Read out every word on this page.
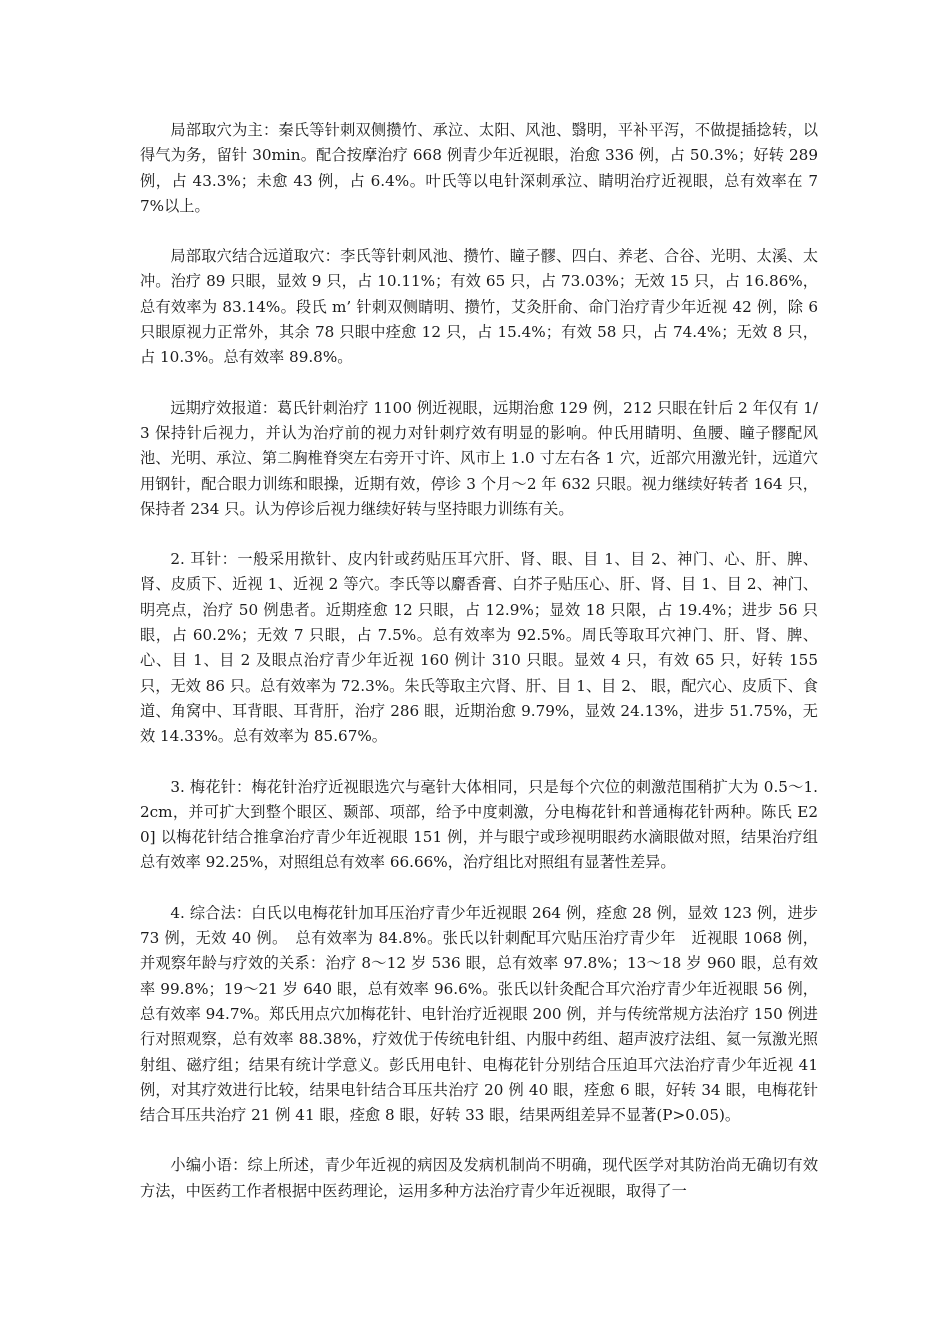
局部取穴为主：秦氏等针刺双侧攒竹、承泣、太阳、风池、翳明，平补平泻，不做提插捻转，以得气为务，留针 30min。配合按摩治疗 668 例青少年近视眼，治愈 336 例，占 50.3%；好转 289 例，占 43.3%；未愈 43 例，占 6.4%。叶氏等以电针深刺承泣、睛明治疗近视眼，总有效率在 77%以上。

局部取穴结合远道取穴：李氏等针刺风池、攒竹、瞳子髎、四白、养老、合谷、光明、太溪、太冲。治疗 89 只眼，显效 9 只，占 10.11%；有效 65 只，占 73.03%；无效 15 只，占 16.86%，总有效率为 83.14%。段氏 m’ 针刺双侧睛明、攒竹，艾灸肝俞、命门治疗青少年近视 42 例，除 6 只眼原视力正常外，其余 78 只眼中痊愈 12 只，占 15.4%；有效 58 只，占 74.4%；无效 8 只，占 10.3%。总有效率 89.8%。

远期疗效报道：葛氏针刺治疗 1100 例近视眼，远期治愈 129 例，212 只眼在针后 2 年仅有 1/3 保持针后视力，并认为治疗前的视力对针刺疗效有明显的影响。仲氏用睛明、鱼腰、瞳子髎配风池、光明、承泣、第二胸椎脊突左右旁开寸许、风市上 1.0 寸左右各 1 穴，近部穴用激光针，远道穴用钢针，配合眼力训练和眼操，近期有效，停诊 3 个月～2 年 632 只眼。视力继续好转者 164 只，保持者 234 只。认为停诊后视力继续好转与坚持眼力训练有关。

2. 耳针：一般采用揿针、皮内针或药贴压耳穴肝、肾、眼、目 1、目 2、神门、心、肝、脾、肾、皮质下、近视 1、近视 2 等穴。李氏等以麝香膏、白芥子贴压心、肝、肾、目 1、目 2、神门、明亮点，治疗 50 例患者。近期痊愈 12 只眼，占 12.9%；显效 18 只限，占 19.4%；进步 56 只眼，占 60.2%；无效 7 只眼，占 7.5%。总有效率为 92.5%。周氏等取耳穴神门、肝、肾、脾、心、目 1、目 2 及眼点治疗青少年近视 160 例计 310 只眼。显效 4 只，有效 65 只，好转 155 只，无效 86 只。总有效率为 72.3%。朱氏等取主穴肾、肝、目 1、目 2、 眼，配穴心、皮质下、食道、角窝中、耳背眼、耳背肝，治疗 286 眼，近期治愈 9.79%，显效 24.13%，进步 51.75%，无　效 14.33%。总有效率为 85.67%。

3. 梅花针：梅花针治疗近视眼选穴与毫针大体相同，只是每个穴位的刺激范围稍扩大为 0.5～1.2cm，并可扩大到整个眼区、颞部、项部，给予中度刺激，分电梅花针和普通梅花针两种。陈氏 E20] 以梅花针结合推拿治疗青少年近视眼 151 例，并与眼宁或珍视明眼药水滴眼做对照，结果治疗组总有效率 92.25%，对照组总有效率 66.66%，治疗组比对照组有显著性差异。

4. 综合法：白氏以电梅花针加耳压治疗青少年近视眼 264 例，痊愈 28 例，显效 123 例，进步 73 例，无效 40 例。　总有效率为 84.8%。张氏以针刺配耳穴贴压治疗青少年　近视眼 1068 例，并观察年龄与疗效的关系：治疗 8～12 岁 536 眼，总有效率 97.8%；13～18 岁 960 眼，总有效率 99.8%；19～21 岁 640 眼，总有效率 96.6%。张氏以针灸配合耳穴治疗青少年近视眼 56 例，总有效率 94.7%。郑氏用点穴加梅花针、电针治疗近视眼 200 例，并与传统常规方法治疗 150 例进行对照观察，总有效率 88.38%，疗效优于传统电针组、内服中药组、超声波疗法组、氦一氖激光照射组、磁疗组；结果有统计学意义。彭氏用电针、电梅花针分别结合压迫耳穴法治疗青少年近视 41 例，对其疗效进行比较，结果电针结合耳压共治疗 20 例 40 眼，痊愈 6 眼，好转 34 眼，电梅花针结合耳压共治疗 21 例 41 眼，痊愈 8 眼，好转 33 眼，结果两组差异不显著(P>0.05)。

小编小语：综上所述，青少年近视的病因及发病机制尚不明确，现代医学对其防治尚无确切有效方法，中医药工作者根据中医药理论，运用多种方法治疗青少年近视眼，取得了一
